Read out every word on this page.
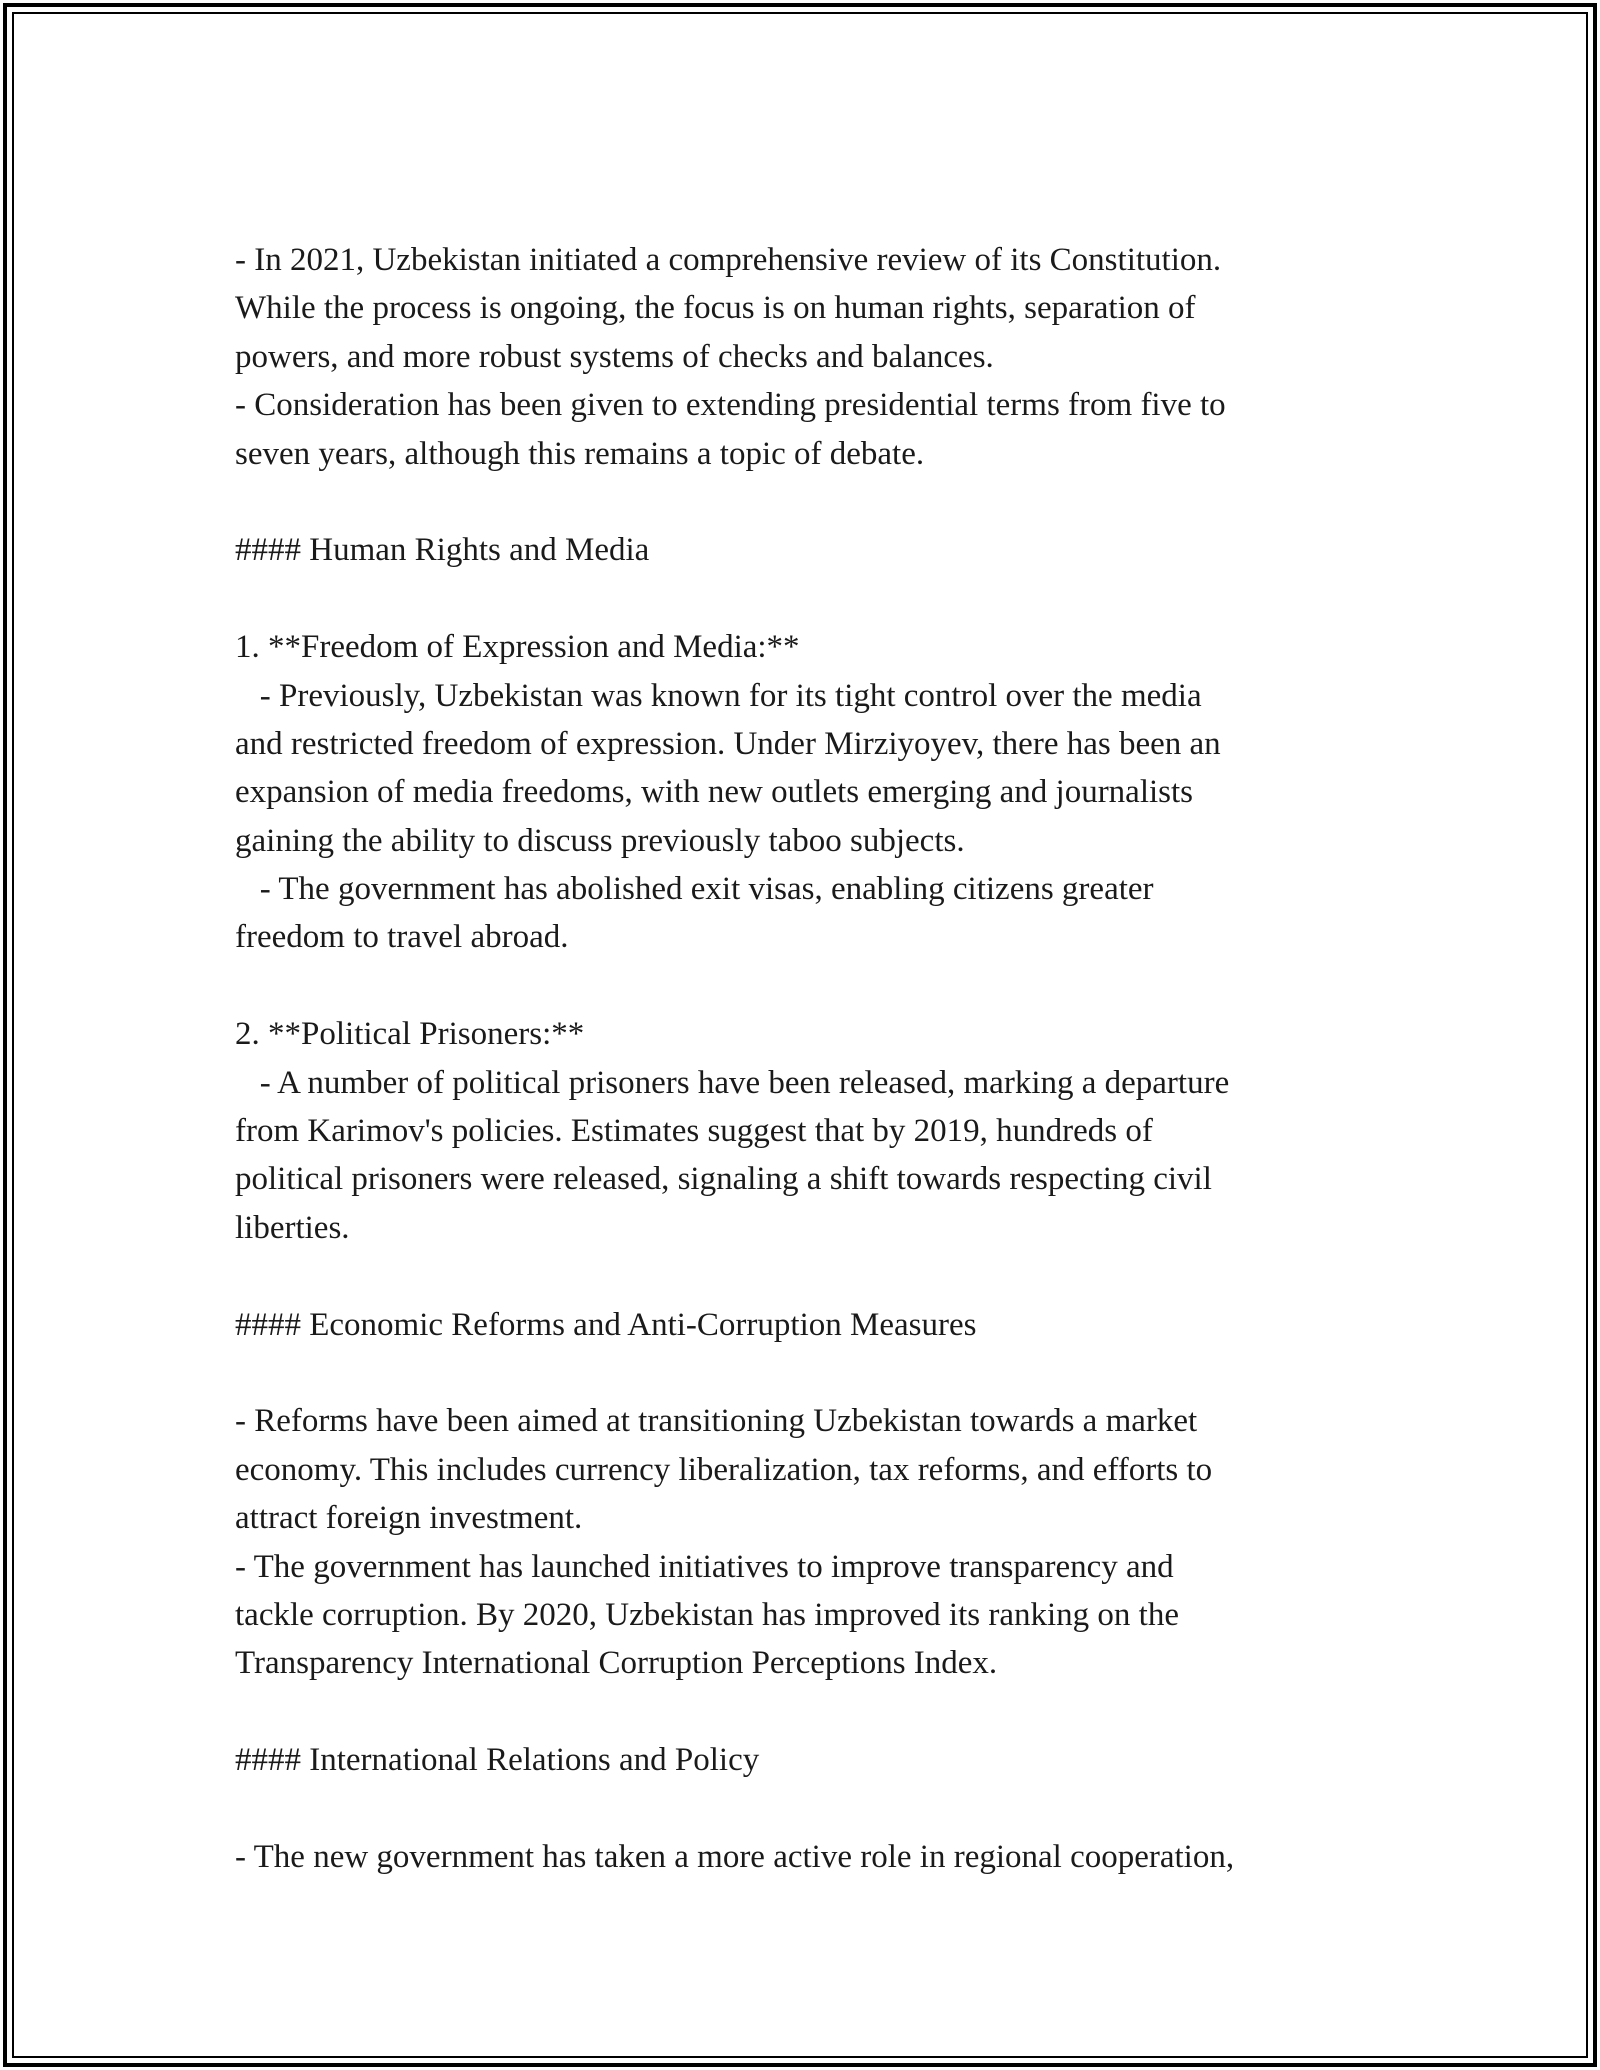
- In 2021, Uzbekistan initiated a comprehensive review of its Constitution.
While the process is ongoing, the focus is on human rights, separation of
powers, and more robust systems of checks and balances.
- Consideration has been given to extending presidential terms from five to
seven years, although this remains a topic of debate.
#### Human Rights and Media
1. **Freedom of Expression and Media:**
- Previously, Uzbekistan was known for its tight control over the media
and restricted freedom of expression. Under Mirziyoyev, there has been an
expansion of media freedoms, with new outlets emerging and journalists
gaining the ability to discuss previously taboo subjects.
- The government has abolished exit visas, enabling citizens greater
freedom to travel abroad.
2. **Political Prisoners:**
- A number of political prisoners have been released, marking a departure
from Karimov's policies. Estimates suggest that by 2019, hundreds of
political prisoners were released, signaling a shift towards respecting civil
liberties.
#### Economic Reforms and Anti-Corruption Measures
- Reforms have been aimed at transitioning Uzbekistan towards a market
economy. This includes currency liberalization, tax reforms, and efforts to
attract foreign investment.
- The government has launched initiatives to improve transparency and
tackle corruption. By 2020, Uzbekistan has improved its ranking on the
Transparency International Corruption Perceptions Index.
#### International Relations and Policy
- The new government has taken a more active role in regional cooperation,
